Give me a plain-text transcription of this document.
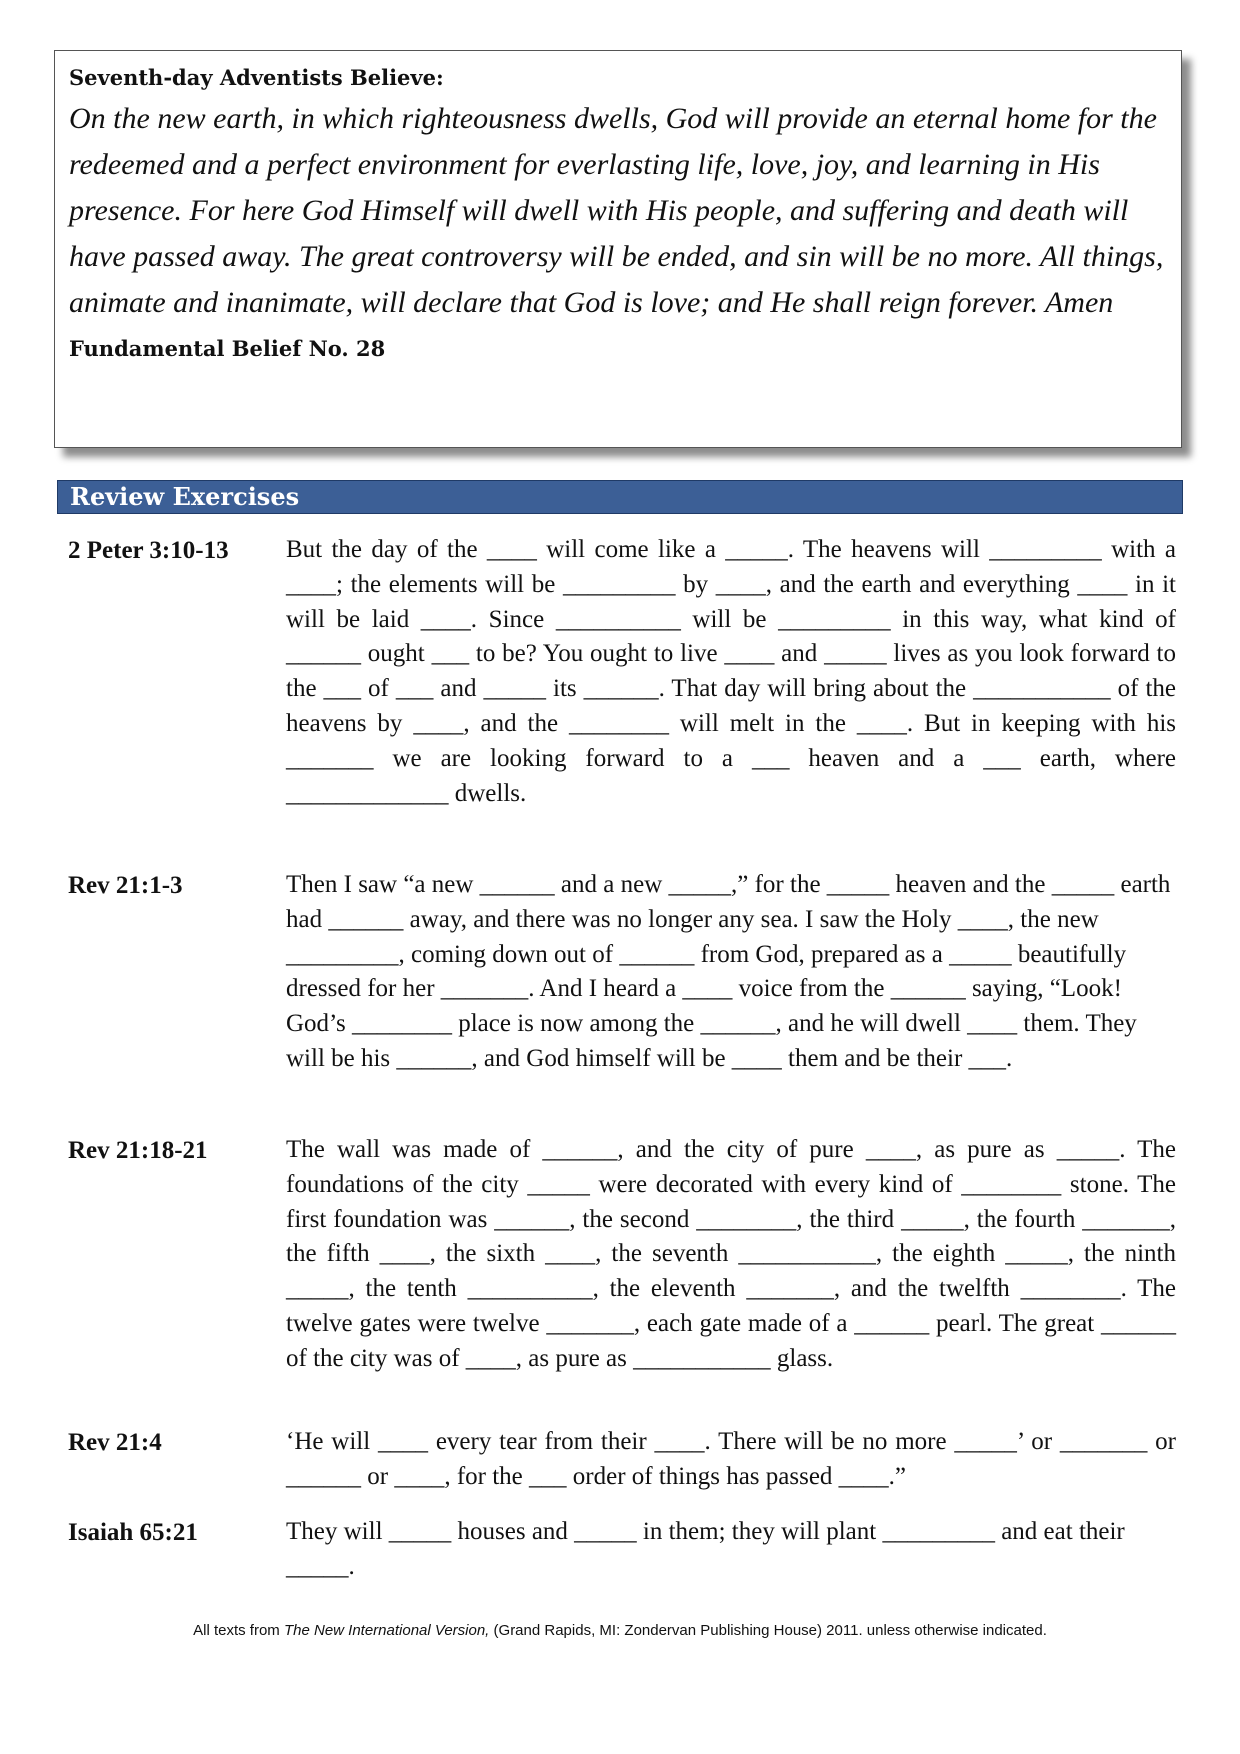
Seventh-day Adventists Believe:

On the new earth, in which righteousness dwells, God will provide an eternal home for the redeemed and a perfect environment for everlasting life, love, joy, and learning in His presence. For here God Himself will dwell with His people, and suffering and death will have passed away. The great controversy will be ended, and sin will be no more. All things, animate and inanimate, will declare that God is love; and He shall reign forever. Amen

Fundamental Belief No. 28
Review Exercises
2 Peter 3:10-13 But the day of the ____ will come like a _____. The heavens will _________ with a ____; the elements will be _________ by ____, and the earth and everything ____ in it will be laid ____. Since __________ will be _________ in this way, what kind of ______ ought ___ to be? You ought to live ____ and _____ lives as you look forward to the ___ of ___ and _____ its ______. That day will bring about the ___________ of the heavens by ____, and the ________ will melt in the ____. But in keeping with his _______ we are looking forward to a ___ heaven and a ___ earth, where _____________ dwells.
Rev 21:1-3	Then I saw “a new ______ and a new _____,” for the _____ heaven and the _____ earth had ______ away, and there was no longer any sea. I saw the Holy ____, the new _________, coming down out of ______ from God, prepared as a _____ beautifully dressed for her _______. And I heard a ____ voice from the ______ saying, “Look! God’s ________ place is now among the ______, and he will dwell ____ them. They will be his ______, and God himself will be ____ them and be their ___.
Rev 21:18-21	The wall was made of ______, and the city of pure ____, as pure as _____. The foundations of the city _____ were decorated with every kind of ________ stone. The first foundation was ______, the second ________, the third _____, the fourth _______, the fifth ____, the sixth ____, the seventh ___________, the eighth _____, the ninth _____, the tenth __________, the eleventh _______, and the twelfth ________. The twelve gates were twelve _______, each gate made of a ______ pearl. The great ______ of the city was of ____, as pure as ___________ glass.
Rev 21:4	‘He will ____ every tear from their ____. There will be no more _____’ or _______ or ______ or ____, for the ___ order of things has passed ____.”
Isaiah 65:21	They will _____ houses and _____ in them; they will plant _________ and eat their _____.
All texts from The New International Version, (Grand Rapids, MI: Zondervan Publishing House) 2011. unless otherwise indicated.
